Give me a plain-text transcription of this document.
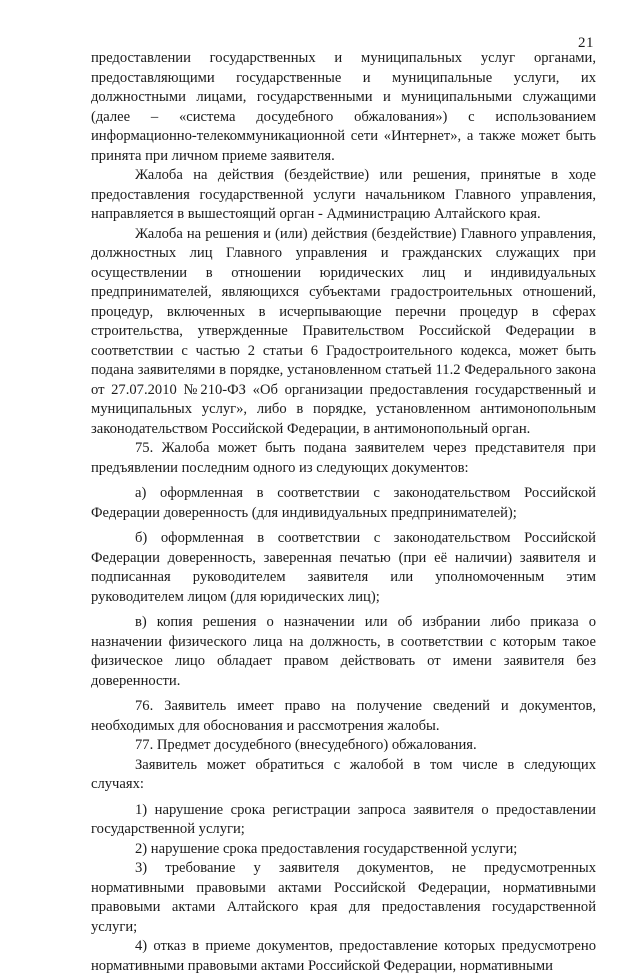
21

предоставлении государственных и муниципальных услуг органами, предоставляющими государственные и муниципальные услуги, их должностными лицами, государственными и муниципальными служащими (далее – «система досудебного обжалования») с использованием информационно-телекоммуникационной сети «Интернет», а также может быть принята при личном приеме заявителя.

Жалоба на действия (бездействие) или решения, принятые в ходе предоставления государственной услуги начальником Главного управления, направляется в вышестоящий орган - Администрацию Алтайского края.

Жалоба на решения и (или) действия (бездействие) Главного управления, должностных лиц Главного управления и гражданских служащих при осуществлении в отношении юридических лиц и индивидуальных предпринимателей, являющихся субъектами градостроительных отношений, процедур, включенных в исчерпывающие перечни процедур в сферах строительства, утвержденные Правительством Российской Федерации в соответствии с частью 2 статьи 6 Градостроительного кодекса, может быть подана заявителями в порядке, установленном статьей 11.2 Федерального закона от 27.07.2010 №210-ФЗ «Об организации предоставления государственный и муниципальных услуг», либо в порядке, установленном антимонопольным законодательством Российской Федерации, в антимонопольный орган.

75. Жалоба может быть подана заявителем через представителя при предъявлении последним одного из следующих документов:

а) оформленная в соответствии с законодательством Российской Федерации доверенность (для индивидуальных предпринимателей);

б) оформленная в соответствии с законодательством Российской Федерации доверенность, заверенная печатью (при её наличии) заявителя и подписанная руководителем заявителя или уполномоченным этим руководителем лицом (для юридических лиц);

в) копия решения о назначении или об избрании либо приказа о назначении физического лица на должность, в соответствии с которым такое физическое лицо обладает правом действовать от имени заявителя без доверенности.

76. Заявитель имеет право на получение сведений и документов, необходимых для обоснования и рассмотрения жалобы.

77. Предмет досудебного (внесудебного) обжалования.

Заявитель может обратиться с жалобой в том числе в следующих случаях:

1) нарушение срока регистрации запроса заявителя о предоставлении государственной услуги;

2) нарушение срока предоставления государственной услуги;

3) требование у заявителя документов, не предусмотренных нормативными правовыми актами Российской Федерации, нормативными правовыми актами Алтайского края для предоставления государственной услуги;

4) отказ в приеме документов, предоставление которых предусмотрено нормативными правовыми актами Российской Федерации, нормативными
